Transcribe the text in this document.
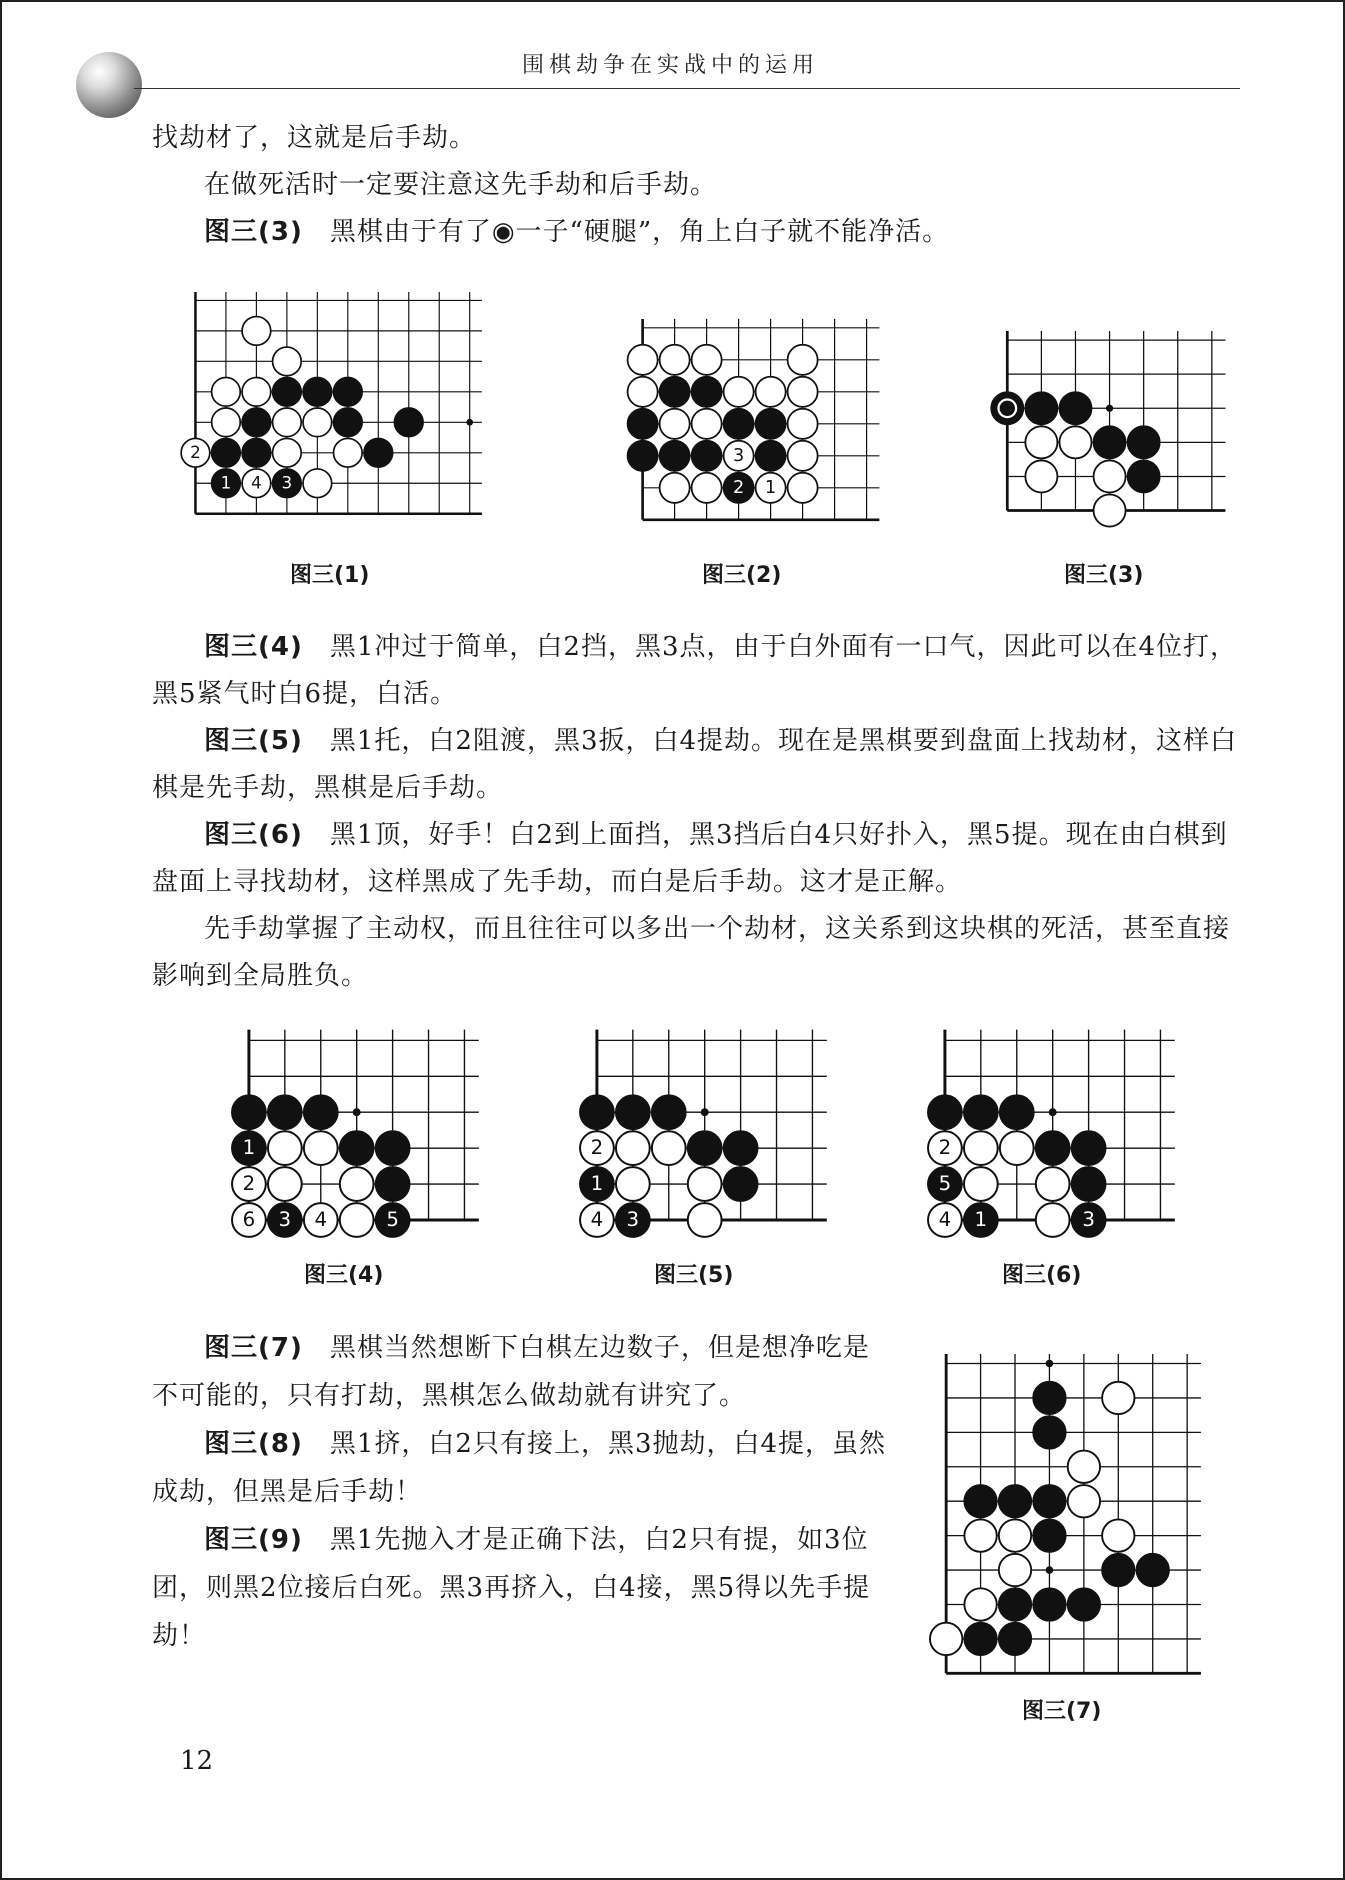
围棋劫争在实战中的运用

找劫材了，这就是后手劫。

在做死活时一定要注意这先手劫和后手劫。

图三(3)　黑棋由于有了◉一子“硬腿”，角上白子就不能净活。

2
1 4 3
3
2 1
图三(1)	图三(2)	图三(3)

图三(4)　黑1冲过于简单，白2挡，黑3点，由于白外面有一口气，因此可以在4位打，黑5紧气时白6提，白活。

图三(5)　黑1托，白2阻渡，黑3扳，白4提劫。现在是黑棋要到盘面上找劫材，这样白棋是先手劫，黑棋是后手劫。

图三(6)　黑1顶，好手！白2到上面挡，黑3挡后白4只好扑入，黑5提。现在由白棋到盘面上寻找劫材，这样黑成了先手劫，而白是后手劫。这才是正解。

先手劫掌握了主动权，而且往往可以多出一个劫材，这关系到这块棋的死活，甚至直接影响到全局胜负。

1
2
6 3 4	5
2
1
4 3
2
5
4 1	3
图三(4)	图三(5)	图三(6)

图三(7)　黑棋当然想断下白棋左边数子，但是想净吃是不可能的，只有打劫，黑棋怎么做劫就有讲究了。

图三(8)　黑1挤，白2只有接上，黑3抛劫，白4提，虽然成劫，但黑是后手劫！

图三(9)　黑1先抛入才是正确下法，白2只有提，如3位团，则黑2位接后白死。黑3再挤入，白4接，黑5得以先手提劫！

图三(7)
12
